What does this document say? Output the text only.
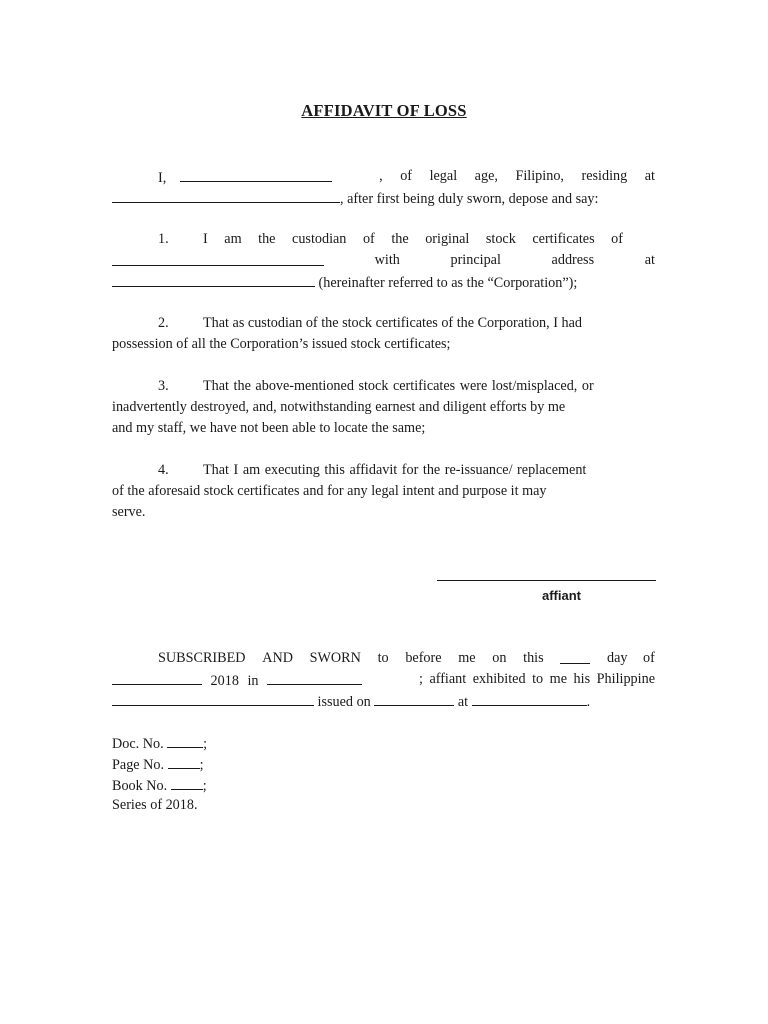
AFFIDAVIT OF LOSS
I,	, of legal age, Filipino, residing at
, after first being duly sworn, depose and say:
1. I am the custodian of the original stock certificates of
with	principal	address	at
(hereinafter referred to as the “Corporation”);
2. That as custodian of the stock certificates of the Corporation, I had
possession of all the Corporation’s issued stock certificates;
3. That the above-mentioned stock certificates were lost/misplaced, or
inadvertently destroyed, and, notwithstanding earnest and diligent efforts by me
and my staff, we have not been able to locate the same;
4. That I am executing this affidavit for the re-issuance/ replacement
of the aforesaid stock certificates and for any legal intent and purpose it may
serve.
affiant
SUBSCRIBED AND SWORN to before me on this	day of
2018 in	; affiant exhibited to me his Philippine
issued on	at	.
Doc. No.	;
Page No. ;
Book No. ;
Series of 2018.
